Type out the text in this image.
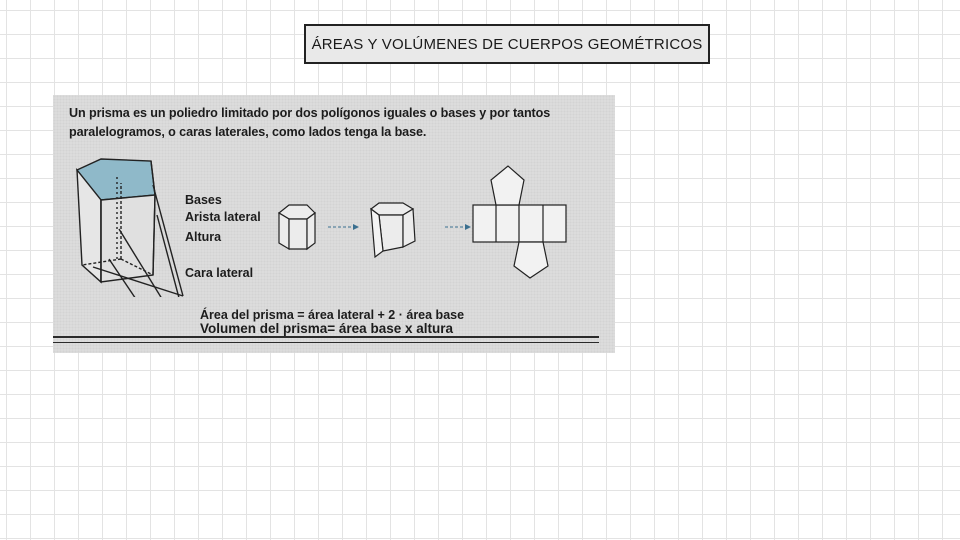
ÁREAS Y VOLÚMENES DE CUERPOS GEOMÉTRICOS
Un prisma es un poliedro limitado por dos polígonos iguales o bases y por tantos paralelogramos, o caras laterales, como lados tenga la base.
Bases
Arista lateral
Altura
Cara lateral
Área del prisma = área lateral + 2 · área base
Volumen del prisma= área base x altura
